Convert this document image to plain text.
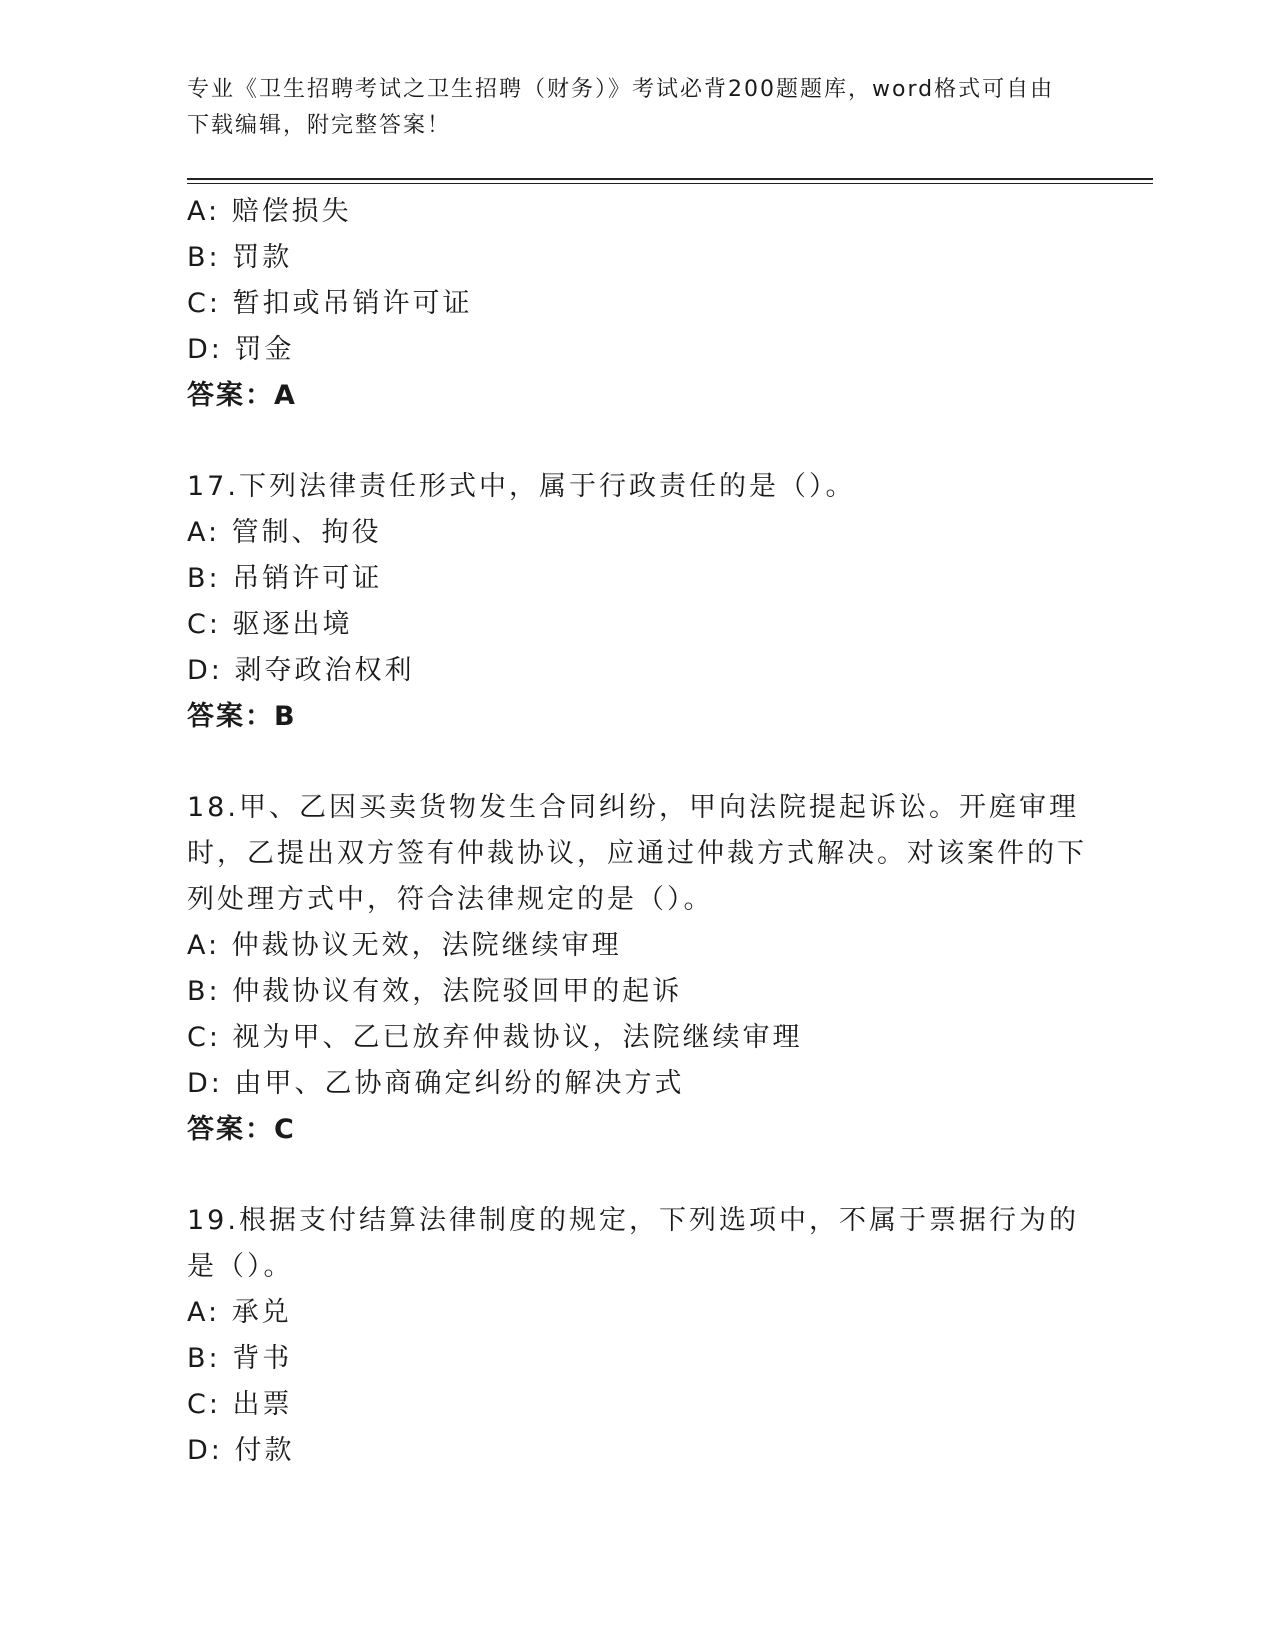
专业《卫生招聘考试之卫生招聘（财务）》考试必背200题题库，word格式可自由下载编辑，附完整答案！
A: 赔偿损失
B: 罚款
C: 暂扣或吊销许可证
D: 罚金
答案：A
17.下列法律责任形式中，属于行政责任的是（）。
A: 管制、拘役
B: 吊销许可证
C: 驱逐出境
D: 剥夺政治权利
答案：B
18.甲、乙因买卖货物发生合同纠纷，甲向法院提起诉讼。开庭审理时，乙提出双方签有仲裁协议，应通过仲裁方式解决。对该案件的下列处理方式中，符合法律规定的是（）。
A: 仲裁协议无效，法院继续审理
B: 仲裁协议有效，法院驳回甲的起诉
C: 视为甲、乙已放弃仲裁协议，法院继续审理
D: 由甲、乙协商确定纠纷的解决方式
答案：C
19.根据支付结算法律制度的规定，下列选项中，不属于票据行为的是（）。
A: 承兑
B: 背书
C: 出票
D: 付款
